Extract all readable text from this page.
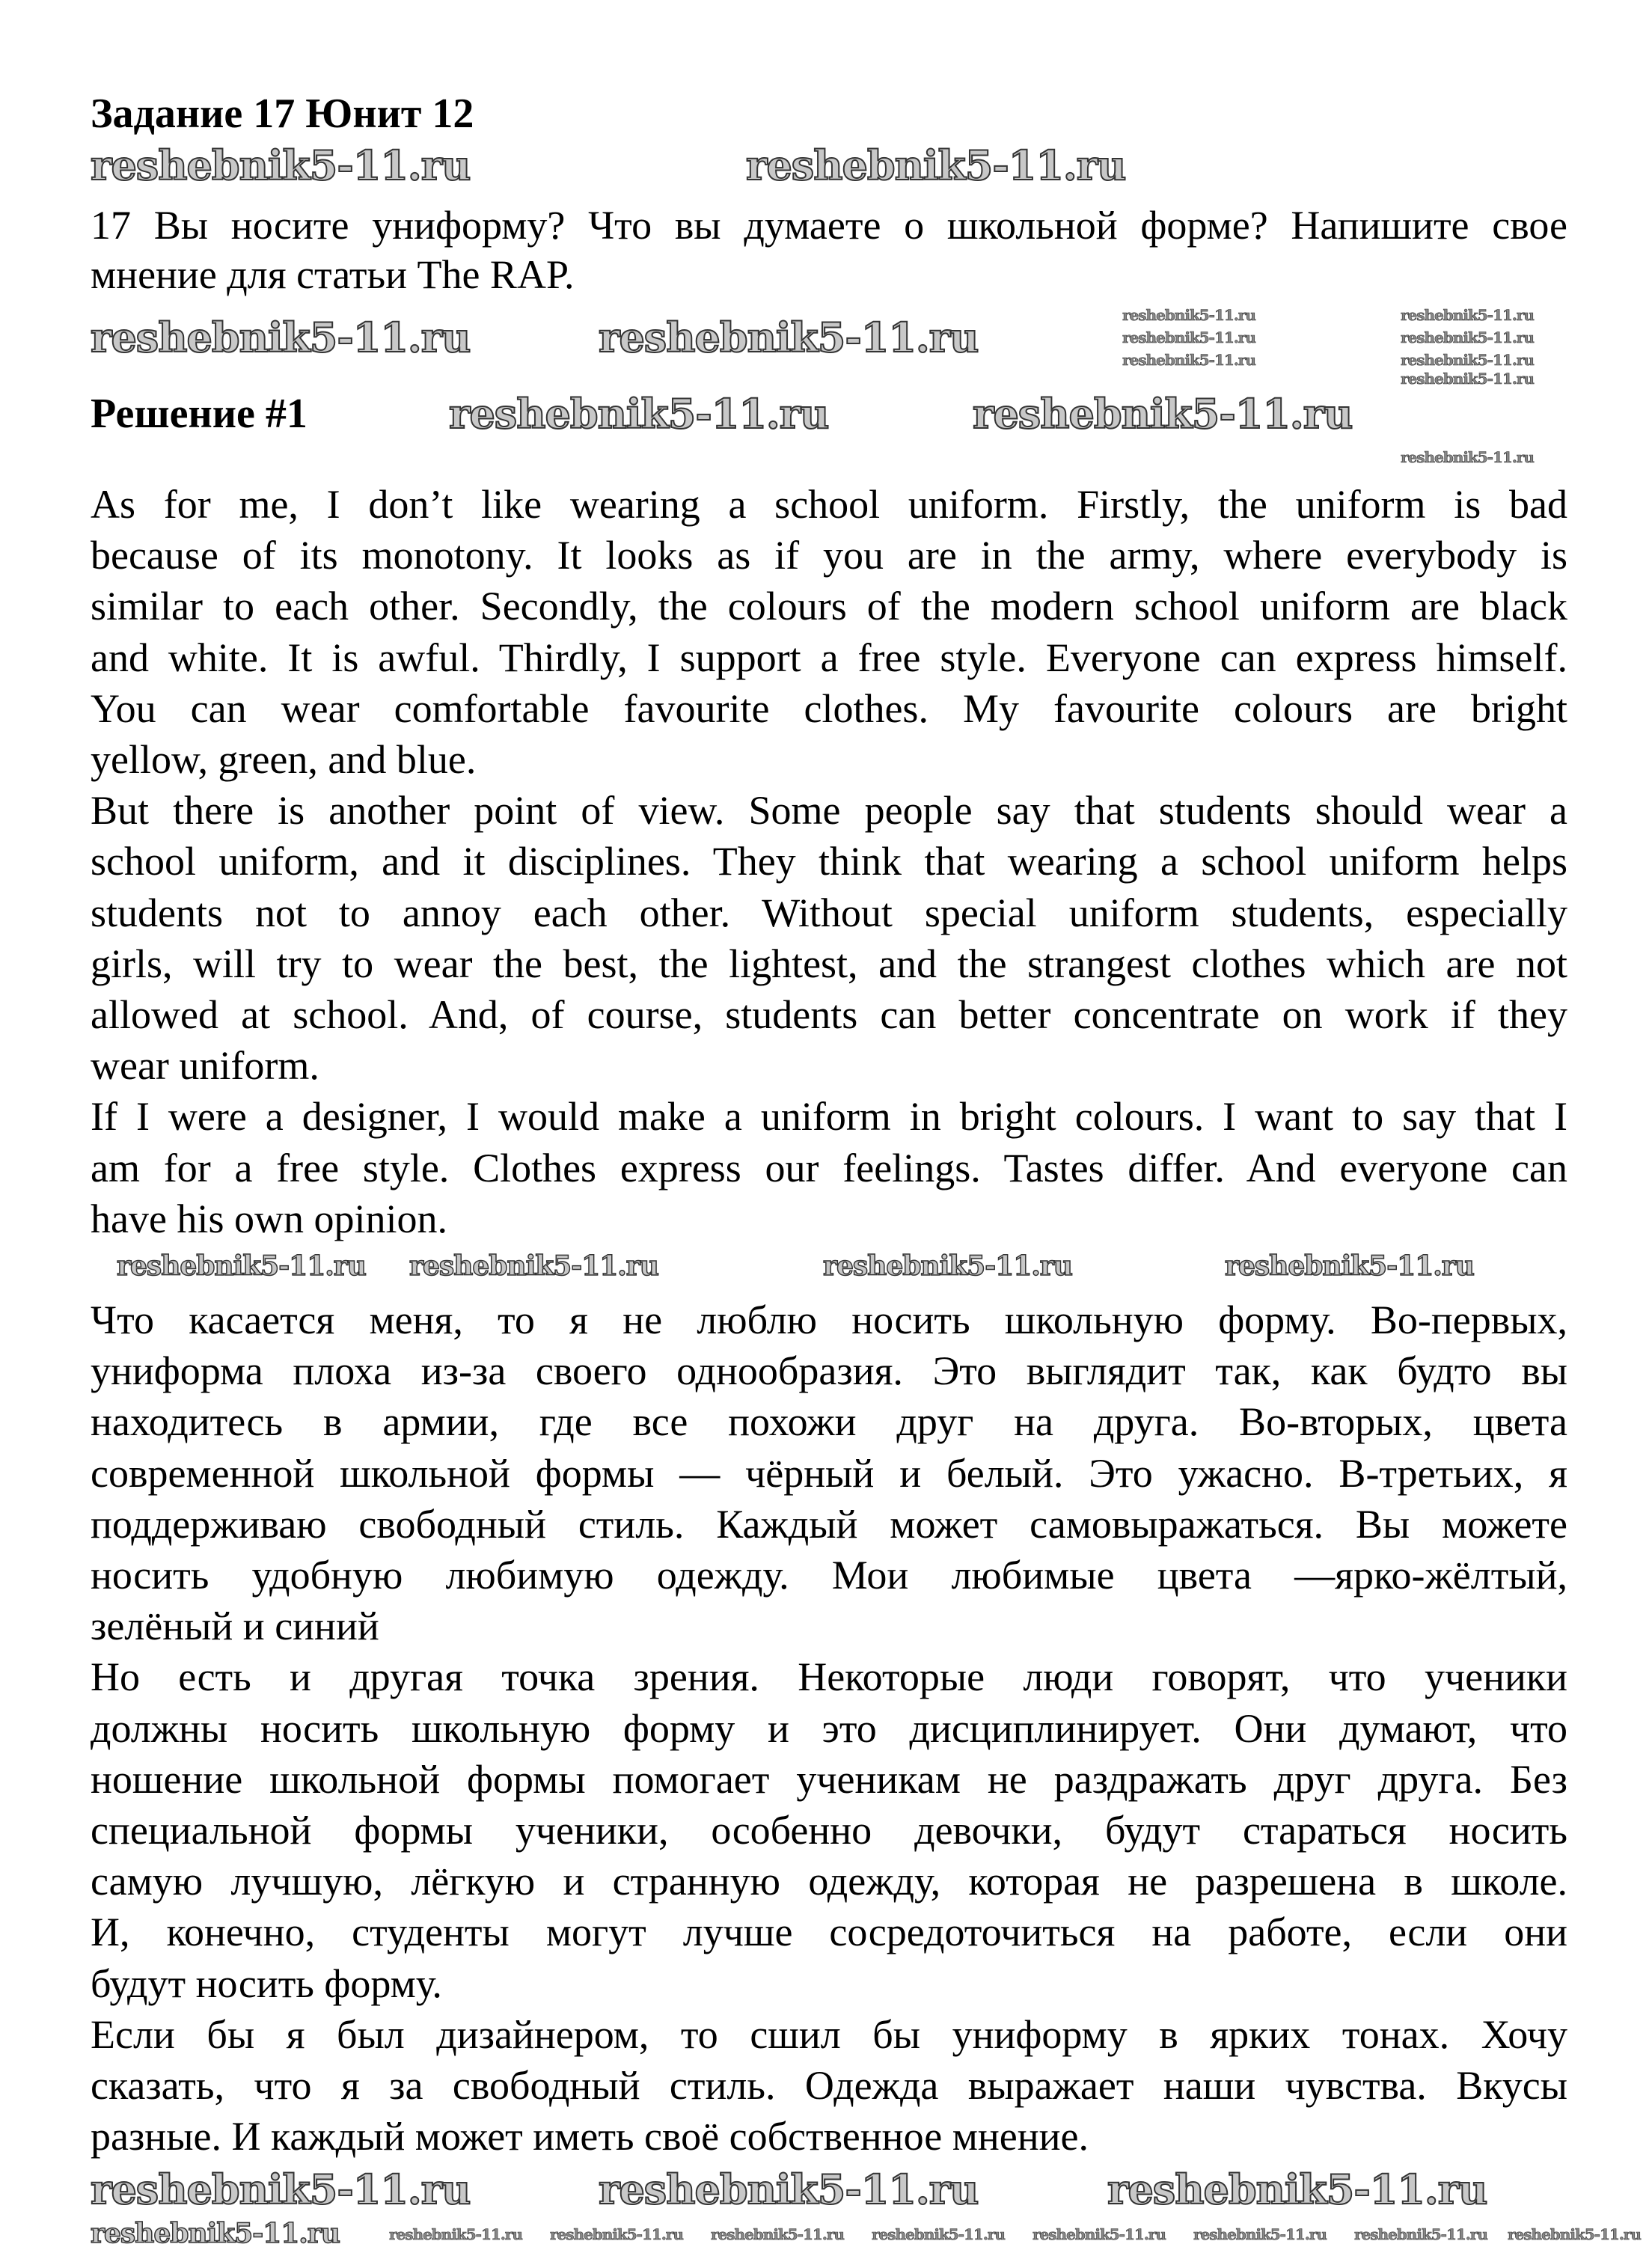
Задание 17 Юнит 12
17 Вы носите униформу? Что вы думаете о школьной форме? Напишите свое
мнение для статьи The RAP.
Решение #1
As for me, I don’t like wearing a school uniform. Firstly, the uniform is bad
because of its monotony. It looks as if you are in the army, where everybody is
similar to each other. Secondly, the colours of the modern school uniform are black
and white. It is awful. Thirdly, I support a free style. Everyone can express himself.
You can wear comfortable favourite clothes. My favourite colours are bright
yellow, green, and blue.
But there is another point of view. Some people say that students should wear a
school uniform, and it disciplines. They think that wearing a school uniform helps
students not to annoy each other. Without special uniform students, especially
girls, will try to wear the best, the lightest, and the strangest clothes which are not
allowed at school. And, of course, students can better concentrate on work if they
wear uniform.
If I were a designer, I would make a uniform in bright colours. I want to say that I
am for a free style. Clothes express our feelings. Tastes differ. And everyone can
have his own opinion.
Что касается меня, то я не люблю носить школьную форму. Во-первых,
униформа плоха из-за своего однообразия. Это выглядит так, как будто вы
находитесь в армии, где все похожи друг на друга. Во-вторых, цвета
современной школьной формы — чёрный и белый. Это ужасно. В-третьих, я
поддерживаю свободный стиль. Каждый может самовыражаться. Вы можете
носить удобную любимую одежду. Мои любимые цвета —ярко-жёлтый,
зелёный и синий
Но есть и другая точка зрения. Некоторые люди говорят, что ученики
должны носить школьную форму и это дисциплинирует. Они думают, что
ношение школьной формы помогает ученикам не раздражать друг друга. Без
специальной формы ученики, особенно девочки, будут стараться носить
самую лучшую, лёгкую и странную одежду, которая не разрешена в школе.
И, конечно, студенты могут лучше сосредоточиться на работе, если они
будут носить форму.
Если бы я был дизайнером, то сшил бы униформу в ярких тонах. Хочу
сказать, что я за свободный стиль. Одежда выражает наши чувства. Вкусы
разные. И каждый может иметь своё собственное мнение.
reshebnik5-11.ru	reshebnik5-11.ru
reshebnik5-11.ru	reshebnik5-11.ru
reshebnik5-11.ru	reshebnik5-11.ru
reshebnik5-11.ru	reshebnik5-11.ru	reshebnik5-11.ru
reshebnik5-11.ru reshebnik5-11.ru	reshebnik5-11.ru	reshebnik5-11.ru
reshebnik5-11.ru
reshebnik5-11.ru
reshebnik5-11.ru
reshebnik5-11.ru
reshebnik5-11.ru
reshebnik5-11.ru
reshebnik5-11.ru
reshebnik5-11.ru
reshebnik5-11.ru
reshebnik5-11.ru reshebnik5-11.ru reshebnik5-11.ru reshebnik5-11.ru reshebnik5-11.ru reshebnik5-11.ru reshebnik5-11.ru reshebnik5-11.ru
